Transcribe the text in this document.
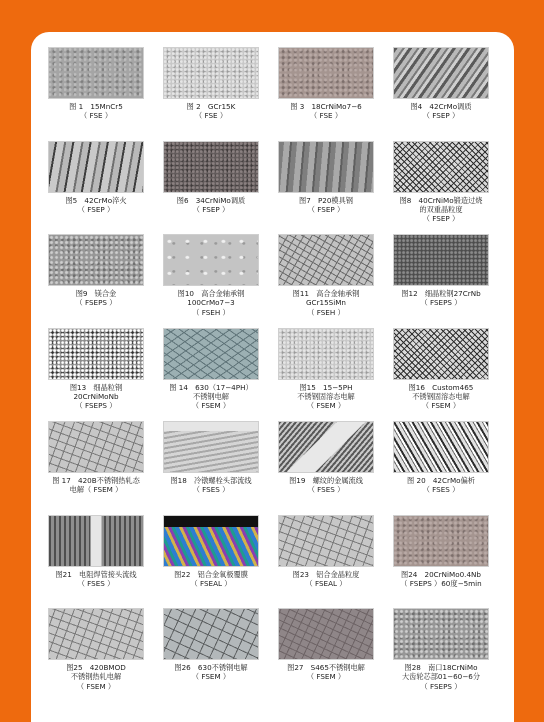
图 1　15MnCr5
（ FSE ）
图 2　GCr15K
（ FSE ）
图 3　18CrNiMo7−6
（ FSE ）
图4　42CrMo调质
（ FSEP ）
图5　42CrMo淬火
（ FSEP ）
图6　34CrNiMo调质
（ FSEP ）
图7　P20模具钢
（ FSEP ）
图8　40CrNiMo锻造过烧
的双重晶粒度
（ FSEP ）
图9　镁合金
（ FSEPS ）
图10　高合金轴承钢
100CrMo7−3
（ FSEH ）
图11　高合金轴承钢
GCr15SiMn
（ FSEH ）
图12　细晶粒钢27CrNb
（ FSEPS ）
图13　细晶粒钢
20CrNiMoNb
（ FSEPS ）
图 14　630（17−4PH）
不锈钢电解
（ FSEM ）
图15　15−5PH
不锈钢固溶态电解
（ FSEM ）
图16　Custom465
不锈钢固溶态电解
（ FSEM ）
图 17　420B不锈钢热轧态
电解（ FSEM ）
图18　冷镦螺栓头部流线
（ FSES ）
图19　螺纹的金属流线
（ FSES ）
图 20　42CrMo偏析
（ FSES ）
图21　电阻焊管接头流线
（ FSES ）
图22　铝合金氧极覆膜
（ FSEAL ）
图23　铝合金晶粒度
（ FSEAL ）
图24　20CrNiMo0.4Nb
（ FSEPS ）60度−5min
图25　420BMOD
不锈钢热轧电解
（ FSEM ）
图26　630不锈钢电解
（ FSEM ）
图27　S465不锈钢电解
（ FSEM ）
图28　南口18CrNiMo
大齿轮芯部01−60−6分
（ FSEPS ）
